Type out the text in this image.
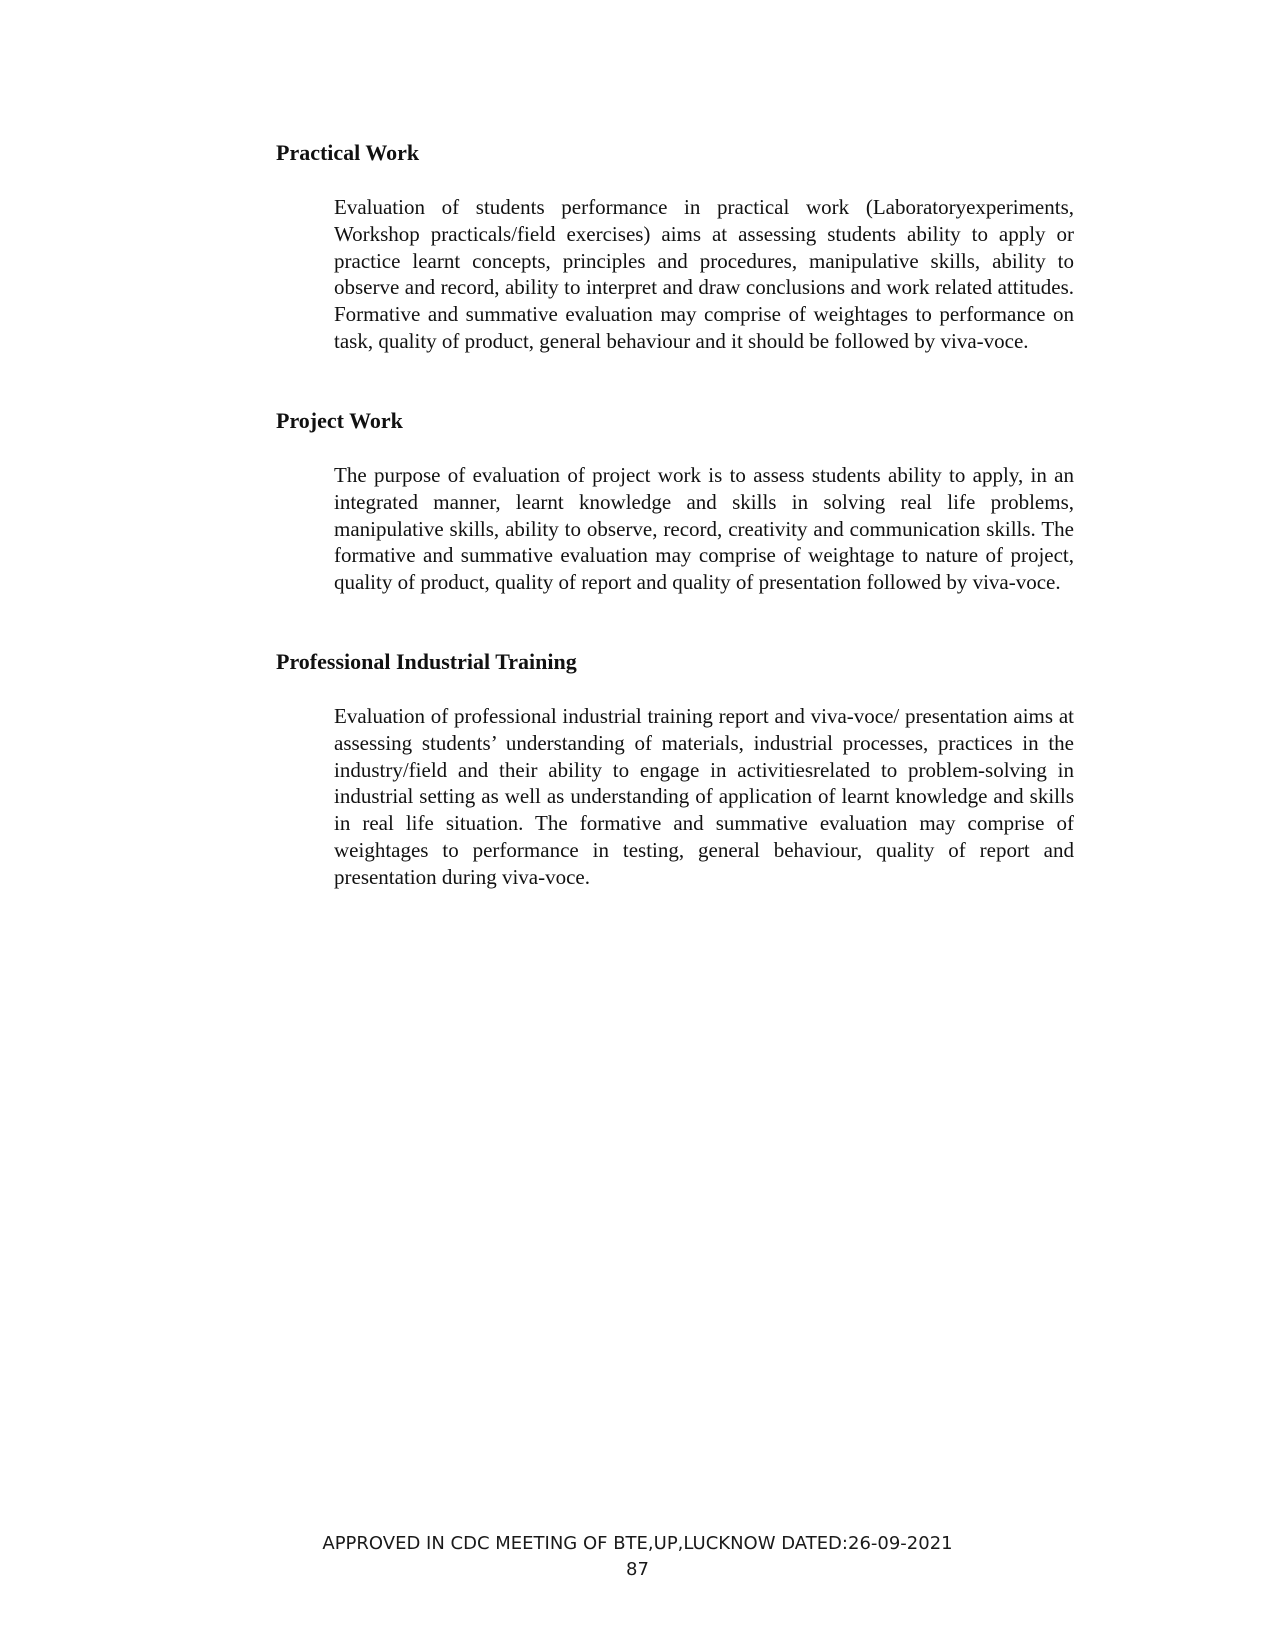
Practical Work

Evaluation of students performance in practical work (Laboratoryexperiments, Workshop practicals/field exercises) aims at assessing students ability to apply or practice learnt concepts, principles and procedures, manipulative skills, ability to observe and record, ability to interpret and draw conclusions and work related attitudes. Formative and summative evaluation may comprise of weightages to performance on task, quality of product, general behaviour and it should be followed by viva-voce.

Project Work

The purpose of evaluation of project work is to assess students ability to apply, in an integrated manner, learnt knowledge and skills in solving real life problems, manipulative skills, ability to observe, record, creativity and communication skills. The formative and summative evaluation may comprise of weightage to nature of project, quality of product, quality of report and quality of presentation followed by viva-voce.

Professional Industrial Training

Evaluation of professional industrial training report and viva-voce/ presentation aims at assessing students’ understanding of materials, industrial processes, practices in the industry/field and their ability to engage in activitiesrelated to problem-solving in industrial setting as well as understanding of application of learnt knowledge and skills in real life situation. The formative and summative evaluation may comprise of weightages to performance in testing, general behaviour, quality of report and presentation during viva-voce.

APPROVED IN CDC MEETING OF BTE,UP,LUCKNOW DATED:26-09-2021
87
